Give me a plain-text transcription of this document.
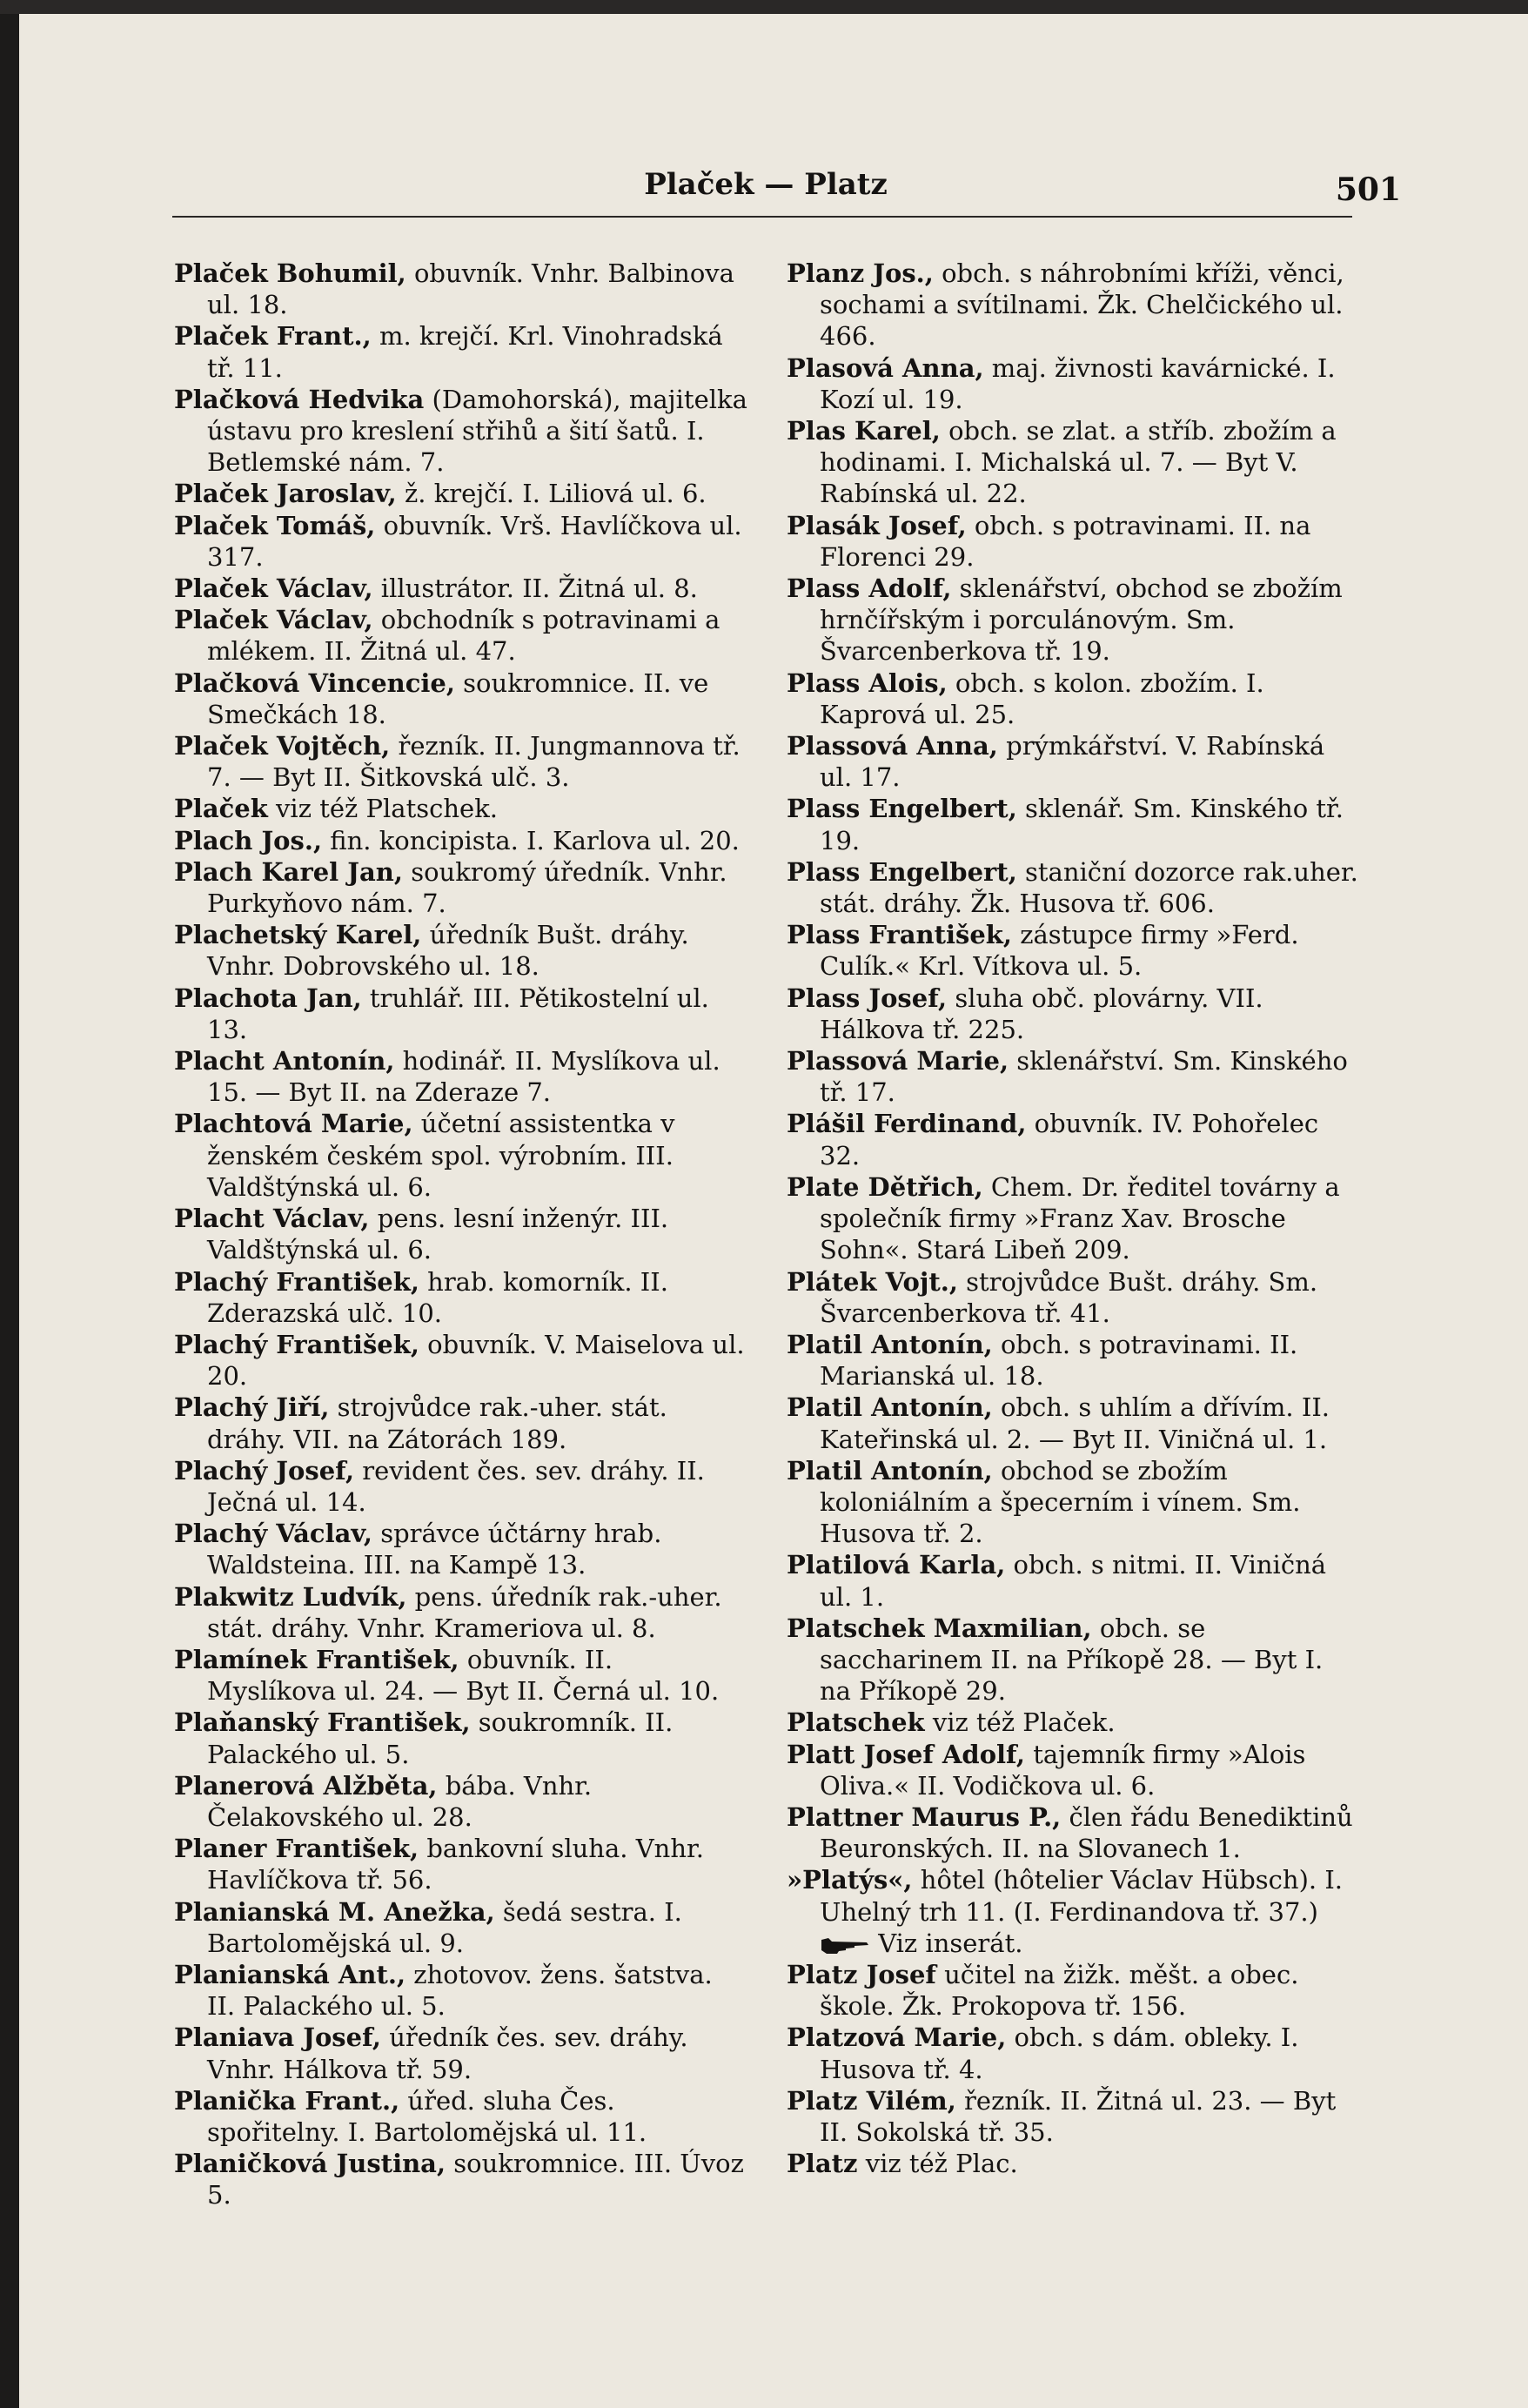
Plaček — Platz	501

Plaček Bohumil, obuvník. Vnhr. Balbinova ul. 18.

Plaček Frant., m. krejčí. Krl. Vinohradská tř. 11.

Plačková Hedvika (Damohorská), majitelka ústavu pro kreslení střihů a šití šatů. I. Betlemské nám. 7.

Plaček Jaroslav, ž. krejčí. I. Liliová ul. 6.

Plaček Tomáš, obuvník. Vrš. Havlíčkova ul. 317.

Plaček Václav, illustrátor. II. Žitná ul. 8.

Plaček Václav, obchodník s potravinami a mlékem. II. Žitná ul. 47.

Plačková Vincencie, soukromnice. II. ve Smečkách 18.

Plaček Vojtěch, řezník. II. Jungmannova tř. 7. — Byt II. Šitkovská ulč. 3.

Plaček viz též Platschek.

Plach Jos., fin. koncipista. I. Karlova ul. 20.

Plach Karel Jan, soukromý úředník. Vnhr. Purkyňovo nám. 7.

Plachetský Karel, úředník Bušt. dráhy. Vnhr. Dobrovského ul. 18.

Plachota Jan, truhlář. III. Pětikostelní ul. 13.

Placht Antonín, hodinář. II. Myslíkova ul. 15. — Byt II. na Zderaze 7.

Plachtová Marie, účetní assistentka v ženském českém spol. výrobním. III. Valdštýnská ul. 6.

Placht Václav, pens. lesní inženýr. III. Valdštýnská ul. 6.

Plachý František, hrab. komorník. II. Zderazská ulč. 10.

Plachý František, obuvník. V. Maiselova ul. 20.

Plachý Jiří, strojvůdce rak.-uher. stát. dráhy. VII. na Zátorách 189.

Plachý Josef, revident čes. sev. dráhy. II. Ječná ul. 14.

Plachý Václav, správce účtárny hrab. Waldsteina. III. na Kampě 13.

Plakwitz Ludvík, pens. úředník rak.-uher. stát. dráhy. Vnhr. Krameriova ul. 8.

Plamínek František, obuvník. II. Myslíkova ul. 24. — Byt II. Černá ul. 10.

Plaňanský František, soukromník. II. Palackého ul. 5.

Planerová Alžběta, bába. Vnhr. Čelakovského ul. 28.

Planer František, bankovní sluha. Vnhr. Havlíčkova tř. 56.

Planianská M. Anežka, šedá sestra. I. Bartolomějská ul. 9.

Planianská Ant., zhotovov. žens. šatstva. II. Palackého ul. 5.

Planiava Josef, úředník čes. sev. dráhy. Vnhr. Hálkova tř. 59.

Planička Frant., úřed. sluha Čes. spořitelny. I. Bartolomějská ul. 11.

Planičková Justina, soukromnice. III. Úvoz 5.

Planz Jos., obch. s náhrobními kříži, věnci, sochami a svítilnami. Žk. Chelčického ul. 466.

Plasová Anna, maj. živnosti kavárnické. I. Kozí ul. 19.

Plas Karel, obch. se zlat. a stříb. zbožím a hodinami. I. Michalská ul. 7. — Byt V. Rabínská ul. 22.

Plasák Josef, obch. s potravinami. II. na Florenci 29.

Plass Adolf, sklenářství, obchod se zbožím hrnčířským i porculánovým. Sm. Švarcenberkova tř. 19.

Plass Alois, obch. s kolon. zbožím. I. Kaprová ul. 25.

Plassová Anna, prýmkářství. V. Rabínská ul. 17.

Plass Engelbert, sklenář. Sm. Kinského tř. 19.

Plass Engelbert, staniční dozorce rak.uher. stát. dráhy. Žk. Husova tř. 606.

Plass František, zástupce firmy »Ferd. Culík.« Krl. Vítkova ul. 5.

Plass Josef, sluha obč. plovárny. VII. Hálkova tř. 225.

Plassová Marie, sklenářství. Sm. Kinského tř. 17.

Plášil Ferdinand, obuvník. IV. Pohořelec 32.

Plate Dětřich, Chem. Dr. ředitel továrny a společník firmy »Franz Xav. Brosche Sohn«. Stará Libeň 209.

Plátek Vojt., strojvůdce Bušt. dráhy. Sm. Švarcenberkova tř. 41.

Platil Antonín, obch. s potravinami. II. Marianská ul. 18.

Platil Antonín, obch. s uhlím a dřívím. II. Kateřinská ul. 2. — Byt II. Viničná ul. 1.

Platil Antonín, obchod se zbožím koloniálním a špecerním i vínem. Sm. Husova tř. 2.

Platilová Karla, obch. s nitmi. II. Viničná ul. 1.

Platschek Maxmilian, obch. se saccharinem II. na Příkopě 28. — Byt I. na Příkopě 29.

Platschek viz též Plaček.

Platt Josef Adolf, tajemník firmy »Alois Oliva.« II. Vodičkova ul. 6.

Plattner Maurus P., člen řádu Benediktinů Beuronských. II. na Slovanech 1.

»Platýs«, hôtel (hôtelier Václav Hübsch). I. Uhelný trh 11. (I. Ferdinandova tř. 37.) Viz inserát.

Platz Josef učitel na žižk. měšt. a obec. škole. Žk. Prokopova tř. 156.

Platzová Marie, obch. s dám. obleky. I. Husova tř. 4.

Platz Vilém, řezník. II. Žitná ul. 23. — Byt II. Sokolská tř. 35.

Platz viz též Plac.
